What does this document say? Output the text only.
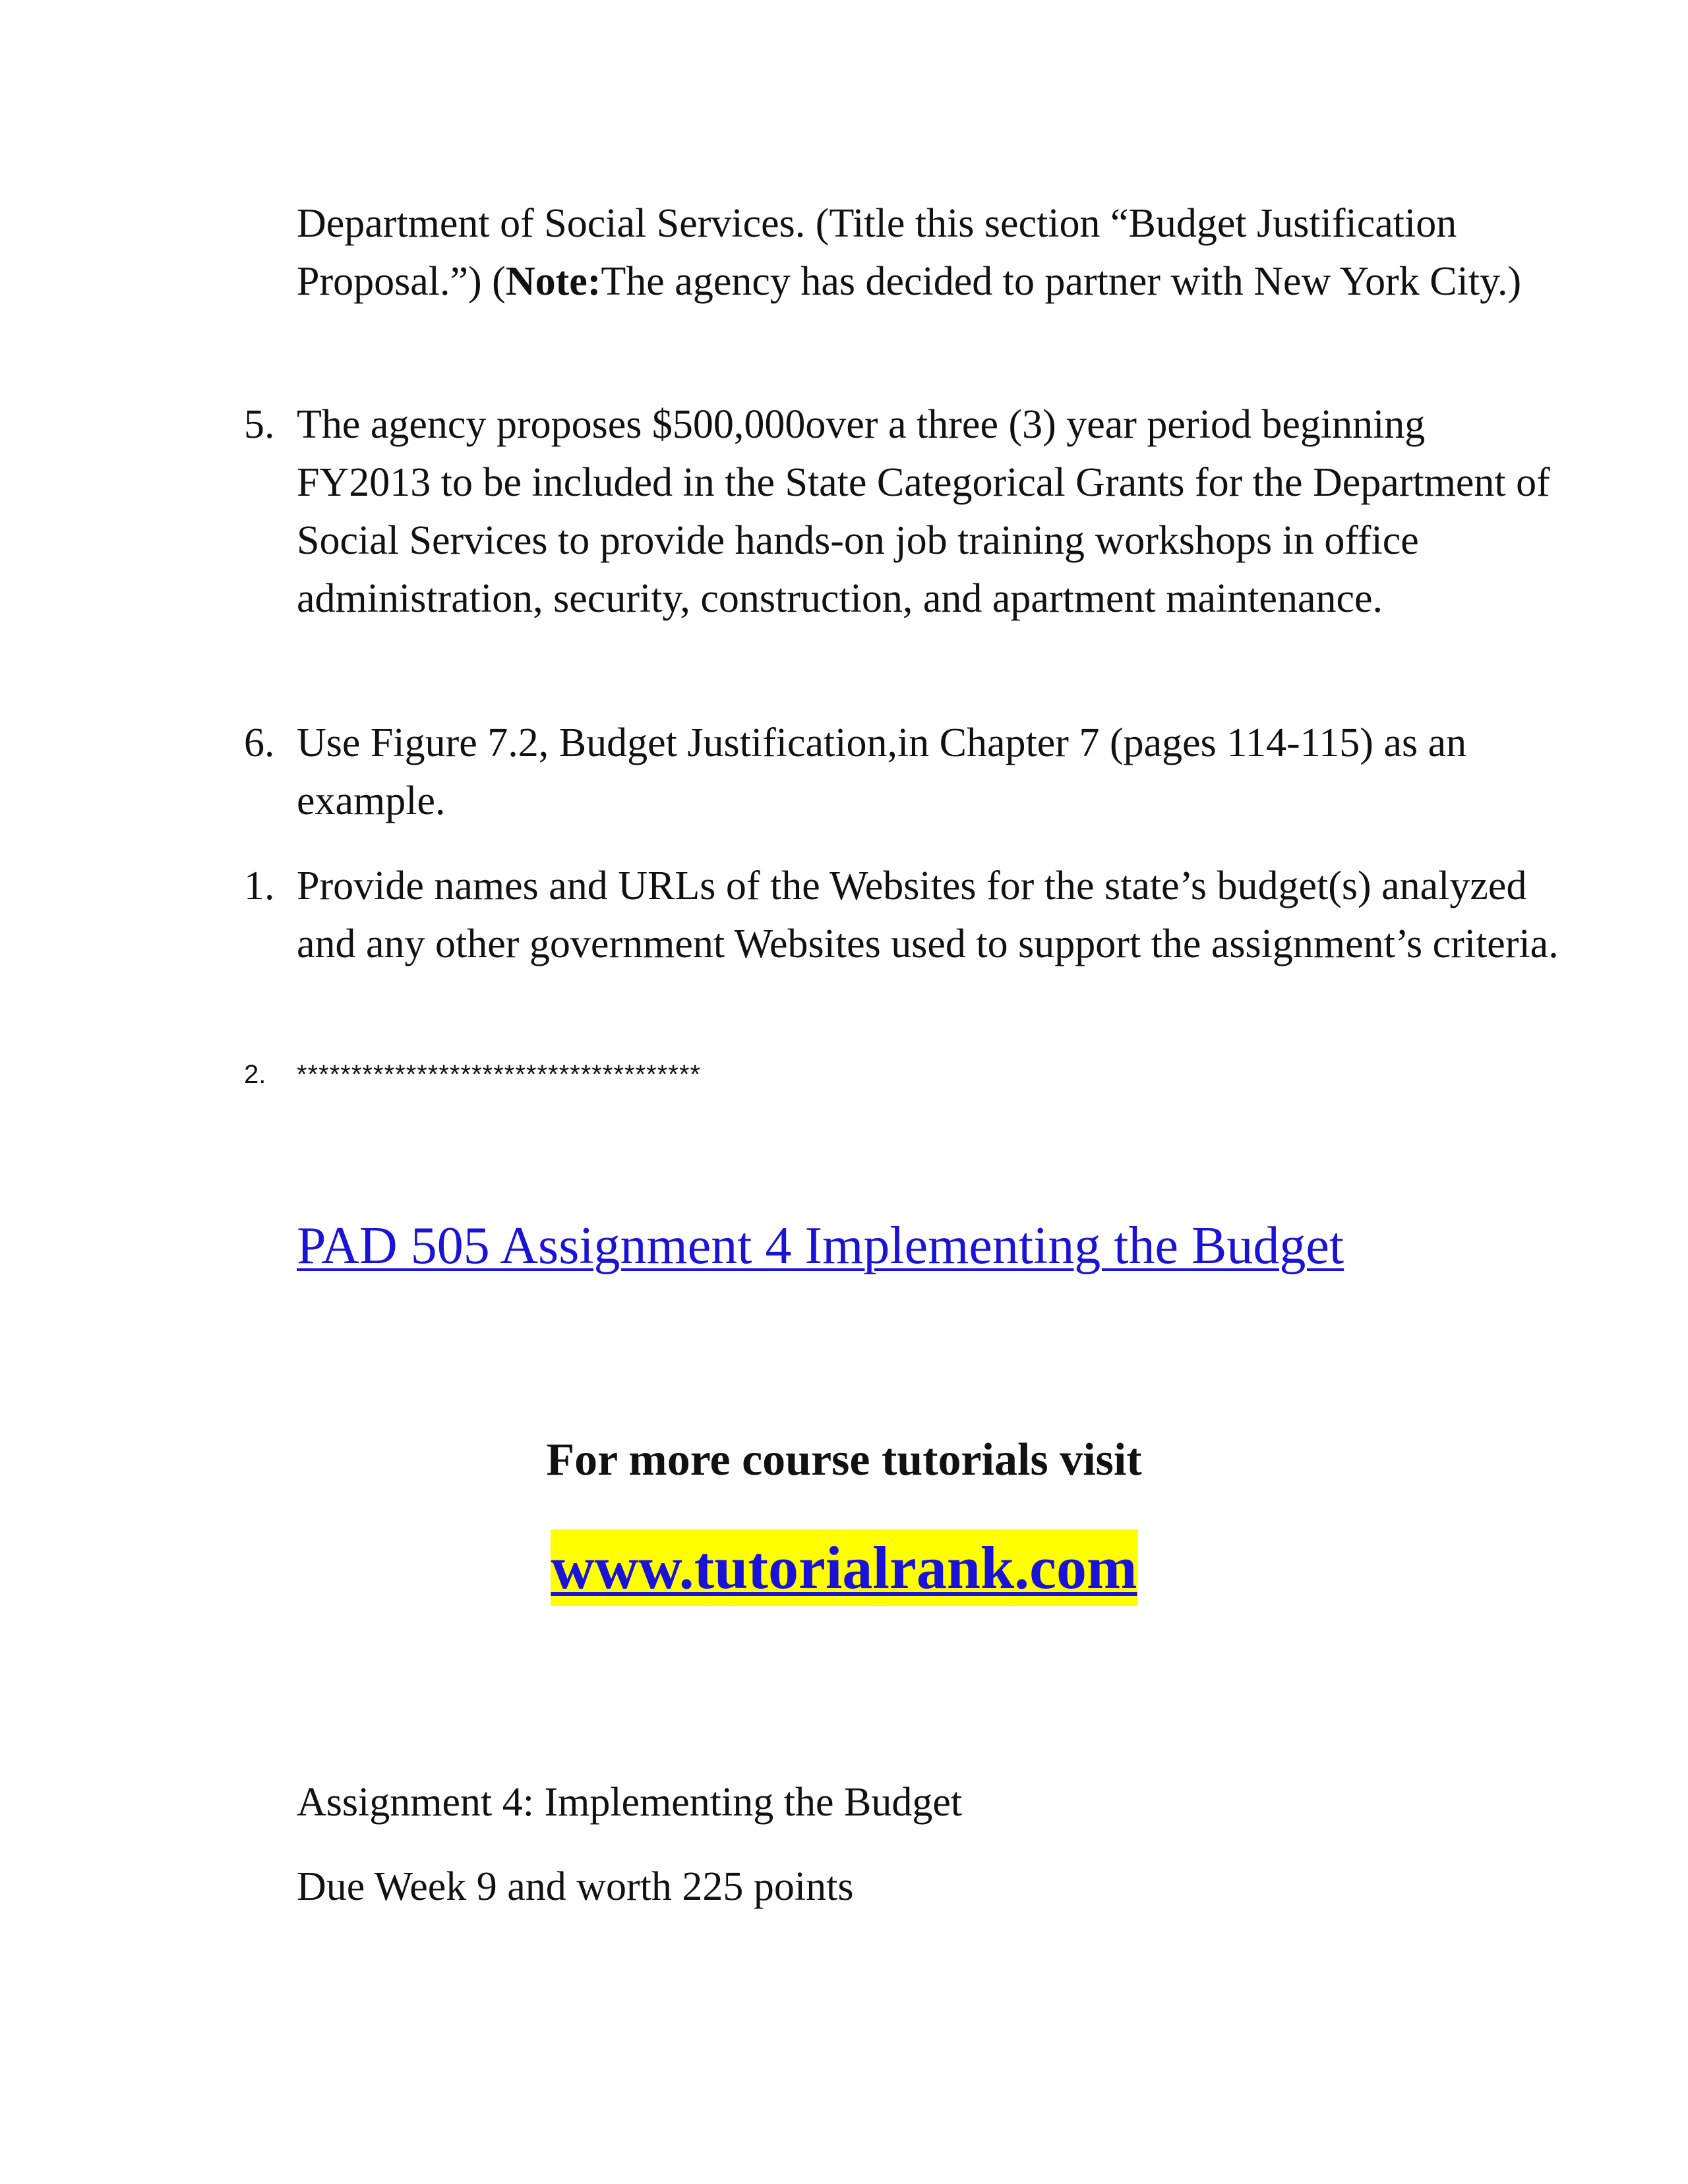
Department of Social Services. (Title this section “Budget Justification Proposal.”) (Note:The agency has decided to partner with New York City.)
5. The agency proposes $500,000over a three (3) year period beginning FY2013 to be included in the State Categorical Grants for the Department of Social Services to provide hands-on job training workshops in office administration, security, construction, and apartment maintenance.
6. Use Figure 7.2, Budget Justification,in Chapter 7 (pages 114-115) as an example.
1. Provide names and URLs of the Websites for the state’s budget(s) analyzed and any other government Websites used to support the assignment’s criteria.
2.	*************************************
PAD 505 Assignment 4 Implementing the Budget
For more course tutorials visit
www.tutorialrank.com
Assignment 4: Implementing the Budget
Due Week 9 and worth 225 points
